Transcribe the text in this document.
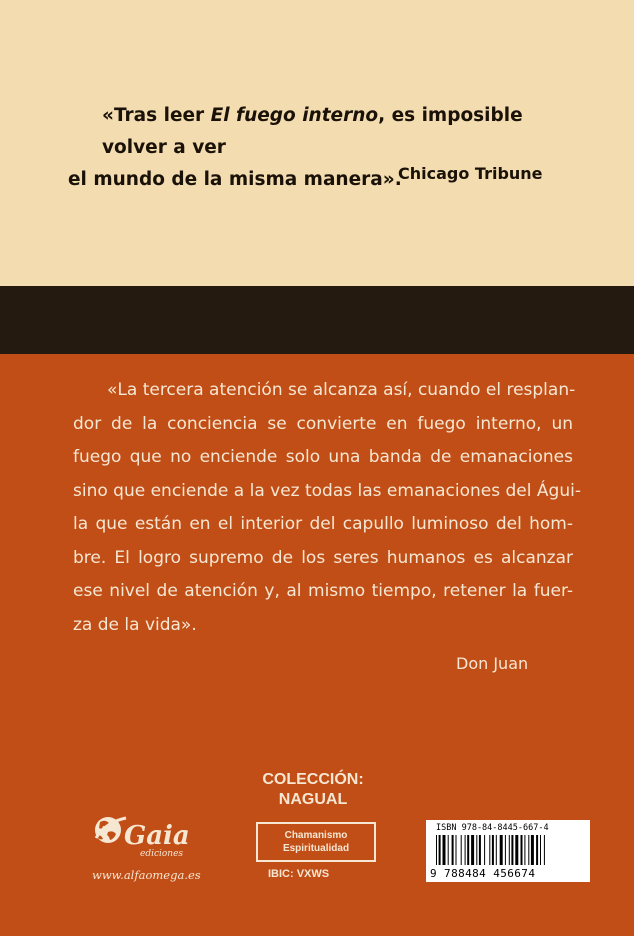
«Tras leer El fuego interno, es imposible volver a ver
el mundo de la misma manera».
Chicago Tribune
«La tercera atención se alcanza así, cuando el resplan-
dor de la conciencia se convierte en fuego interno, un
fuego que no enciende solo una banda de emanaciones
sino que enciende a la vez todas las emanaciones del Águi-
la que están en el interior del capullo luminoso del hom-
bre. El logro supremo de los seres humanos es alcanzar
ese nivel de atención y, al mismo tiempo, retener la fuer-
za de la vida».
Don Juan
COLECCIÓN:
NAGUAL
Chamanismo
Espiritualidad
IBIC: VXWS
Gaia
ediciones
www.alfaomega.es
ISBN 978-84-8445-667-4
9 788484 456674
